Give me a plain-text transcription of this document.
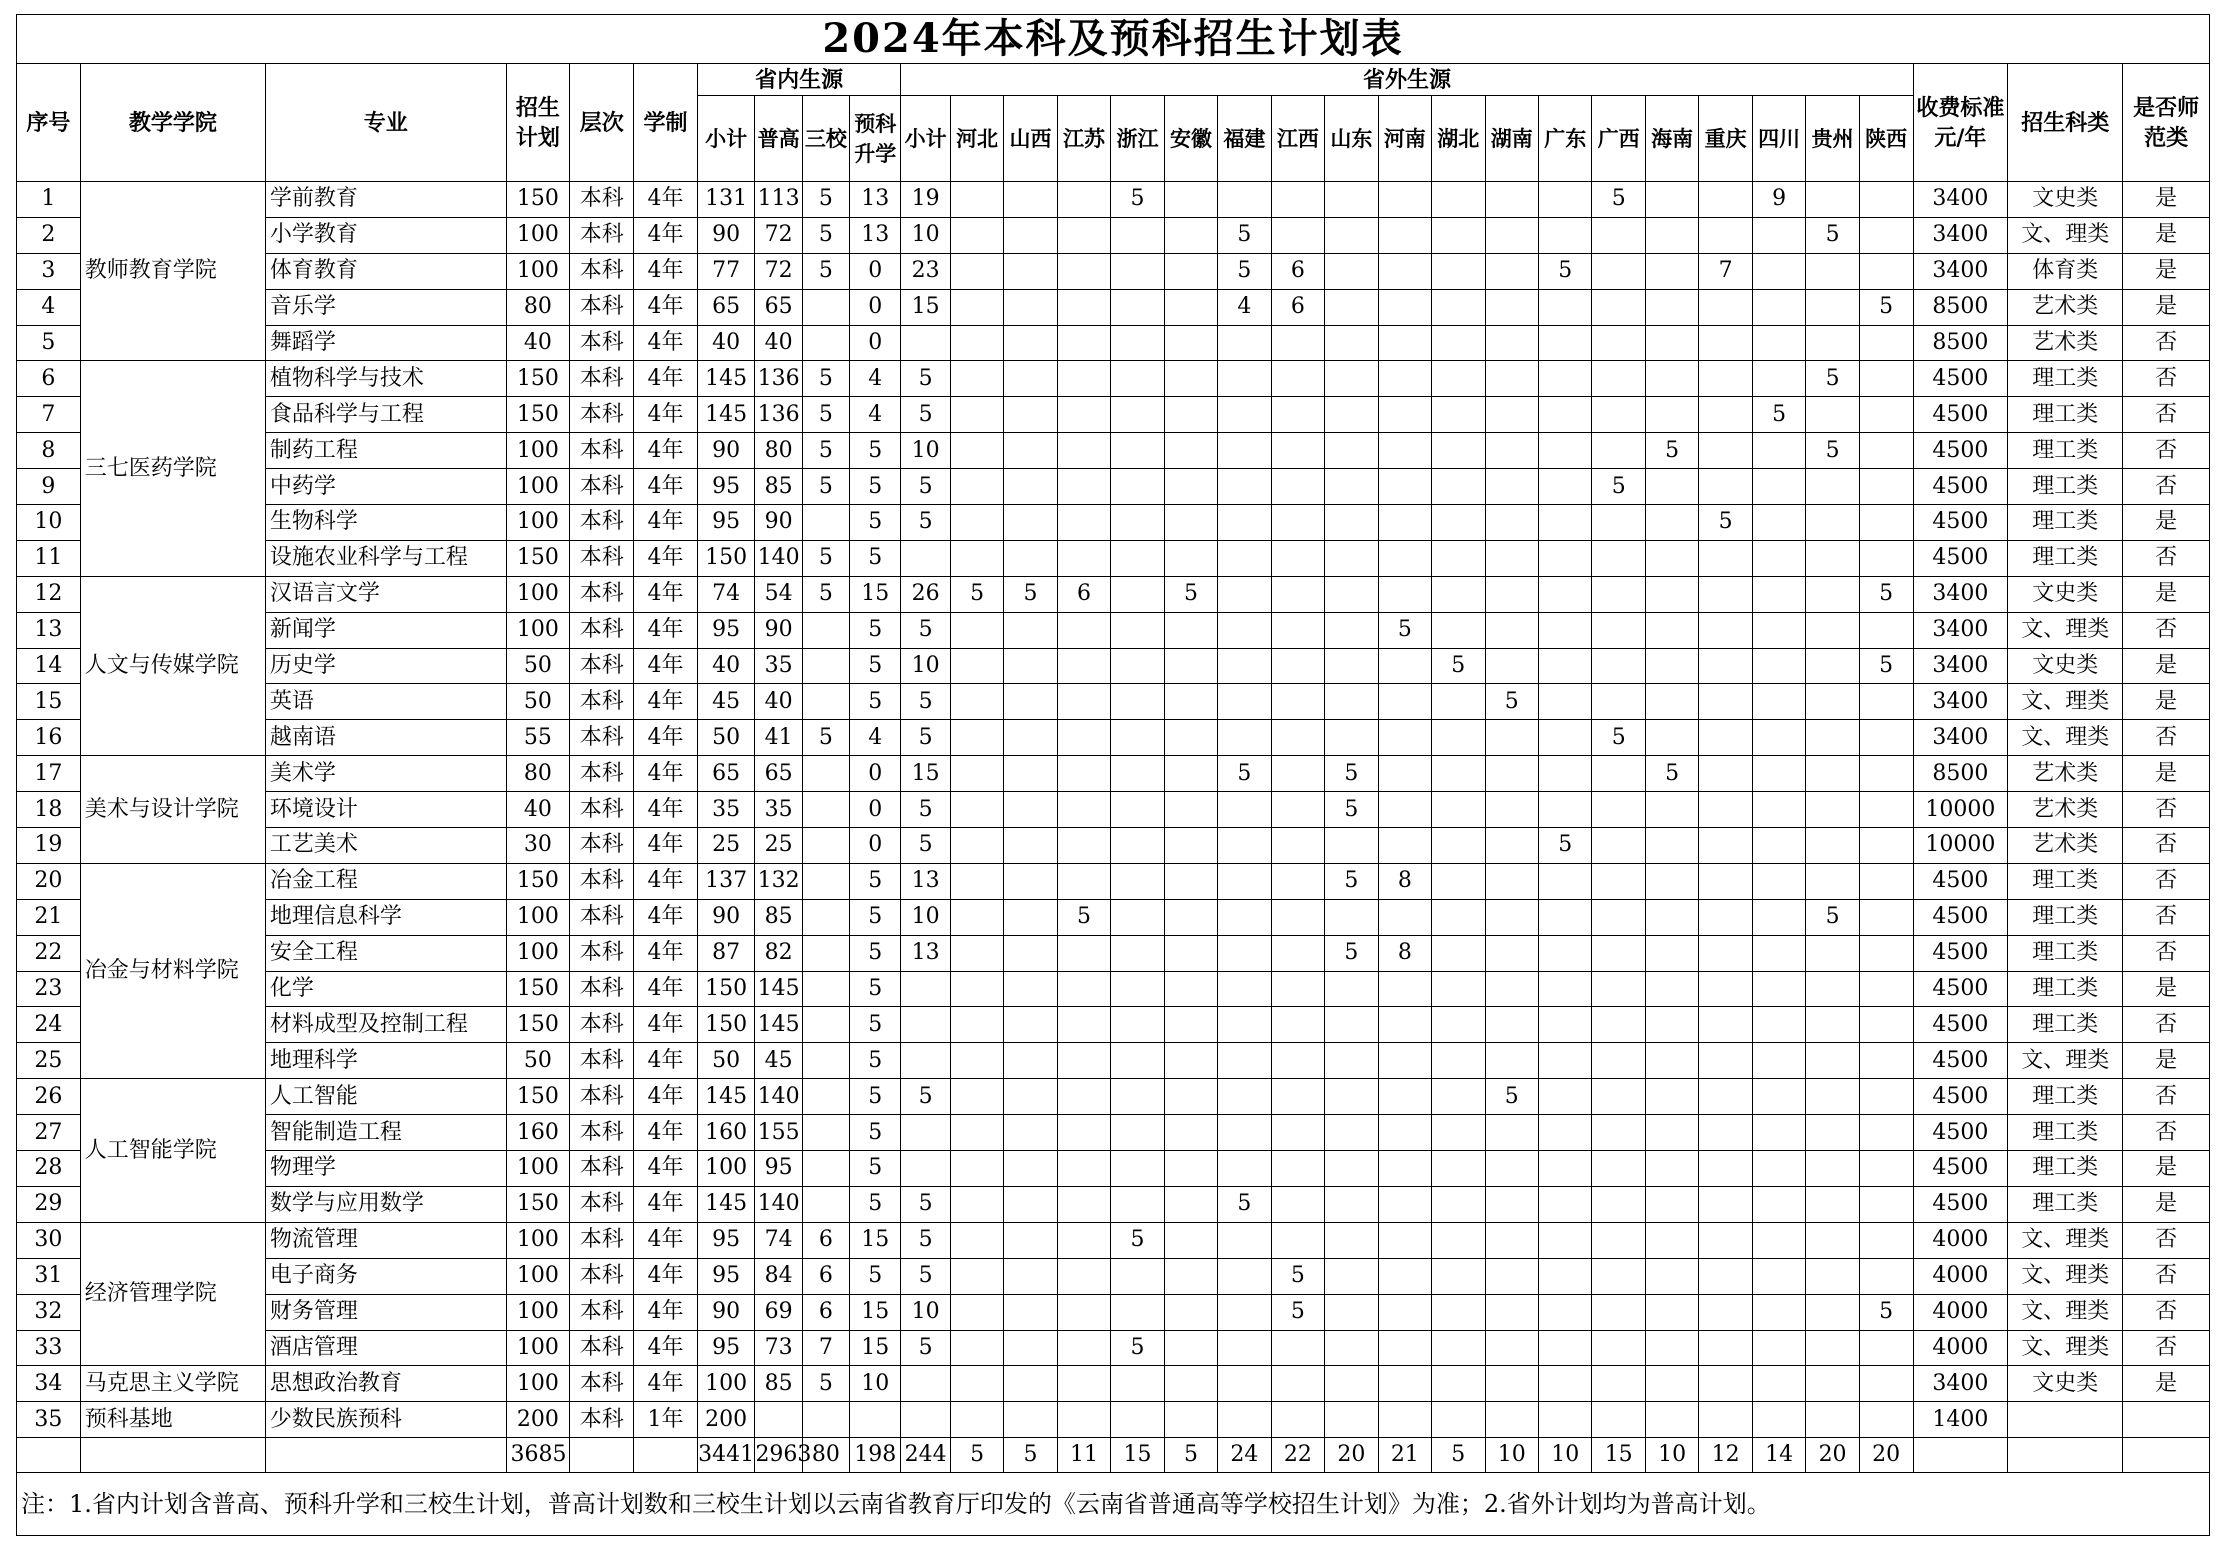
2024年本科及预科招生计划表
序号	教学学院	专业	招生计划	层次	学制	省内生源				省外生源																			收费标准元/年	招生科类	是否师范类
						小计	普高	三校	预科升学	小计	河北	山西	江苏	浙江	安徽	福建	江西	山东	河南	湖北	湖南	广东	广西	海南	重庆	四川	贵州	陕西			
1	教师教育学院	学前教育	150	本科	4年	131	113	5	13	19				5									5			9			3400	文史类	是
2		小学教育	100	本科	4年	90	72	5	13	10						5											5		3400	文、理类	是
3		体育教育	100	本科	4年	77	72	5	0	23						5	6					5			7				3400	体育类	是
4		音乐学	80	本科	4年	65	65		0	15						4	6											5	8500	艺术类	是
5		舞蹈学	40	本科	4年	40	40		0																				8500	艺术类	否
6	三七医药学院	植物科学与技术	150	本科	4年	145	136	5	4	5																	5		4500	理工类	否
7		食品科学与工程	150	本科	4年	145	136	5	4	5																5			4500	理工类	否
8		制药工程	100	本科	4年	90	80	5	5	10														5			5		4500	理工类	否
9		中药学	100	本科	4年	95	85	5	5	5													5						4500	理工类	否
10		生物科学	100	本科	4年	95	90		5	5															5				4500	理工类	是
11		设施农业科学与工程	150	本科	4年	150	140	5	5																				4500	理工类	否
12	人文与传媒学院	汉语言文学	100	本科	4年	74	54	5	15	26	5	5	6		5													5	3400	文史类	是
13		新闻学	100	本科	4年	95	90		5	5									5										3400	文、理类	否
14		历史学	50	本科	4年	40	35		5	10										5								5	3400	文史类	是
15		英语	50	本科	4年	45	40		5	5											5								3400	文、理类	是
16		越南语	55	本科	4年	50	41	5	4	5													5						3400	文、理类	否
17	美术与设计学院	美术学	80	本科	4年	65	65		0	15						5		5						5					8500	艺术类	是
18		环境设计	40	本科	4年	35	35		0	5								5											10000	艺术类	否
19		工艺美术	30	本科	4年	25	25		0	5												5							10000	艺术类	否
20	冶金与材料学院	冶金工程	150	本科	4年	137	132		5	13								5	8										4500	理工类	否
21		地理信息科学	100	本科	4年	90	85		5	10			5														5		4500	理工类	否
22		安全工程	100	本科	4年	87	82		5	13								5	8										4500	理工类	否
23		化学	150	本科	4年	150	145		5																				4500	理工类	是
24		材料成型及控制工程	150	本科	4年	150	145		5																				4500	理工类	否
25		地理科学	50	本科	4年	50	45		5																				4500	文、理类	是
26	人工智能学院	人工智能	150	本科	4年	145	140		5	5											5								4500	理工类	否
27		智能制造工程	160	本科	4年	160	155		5																				4500	理工类	否
28		物理学	100	本科	4年	100	95		5																				4500	理工类	是
29		数学与应用数学	150	本科	4年	145	140		5	5						5													4500	理工类	是
30	经济管理学院	物流管理	100	本科	4年	95	74	6	15	5				5															4000	文、理类	否
31		电子商务	100	本科	4年	95	84	6	5	5							5												4000	文、理类	否
32		财务管理	100	本科	4年	90	69	6	15	10							5											5	4000	文、理类	否
33		酒店管理	100	本科	4年	95	73	7	15	5				5															4000	文、理类	否
34	马克思主义学院	思想政治教育	100	本科	4年	100	85	5	10																				3400	文史类	是
35	预科基地	少数民族预科	200	本科	1年	200																							1400		
			3685			3441	2963	80	198	244	5	5	11	15	5	24	22	20	21	5	10	10	15	10	12	14	20	20			
注：1.省内计划含普高、预科升学和三校生计划，普高计划数和三校生计划以云南省教育厅印发的《云南省普通高等学校招生计划》为准；2.省外计划均为普高计划。
